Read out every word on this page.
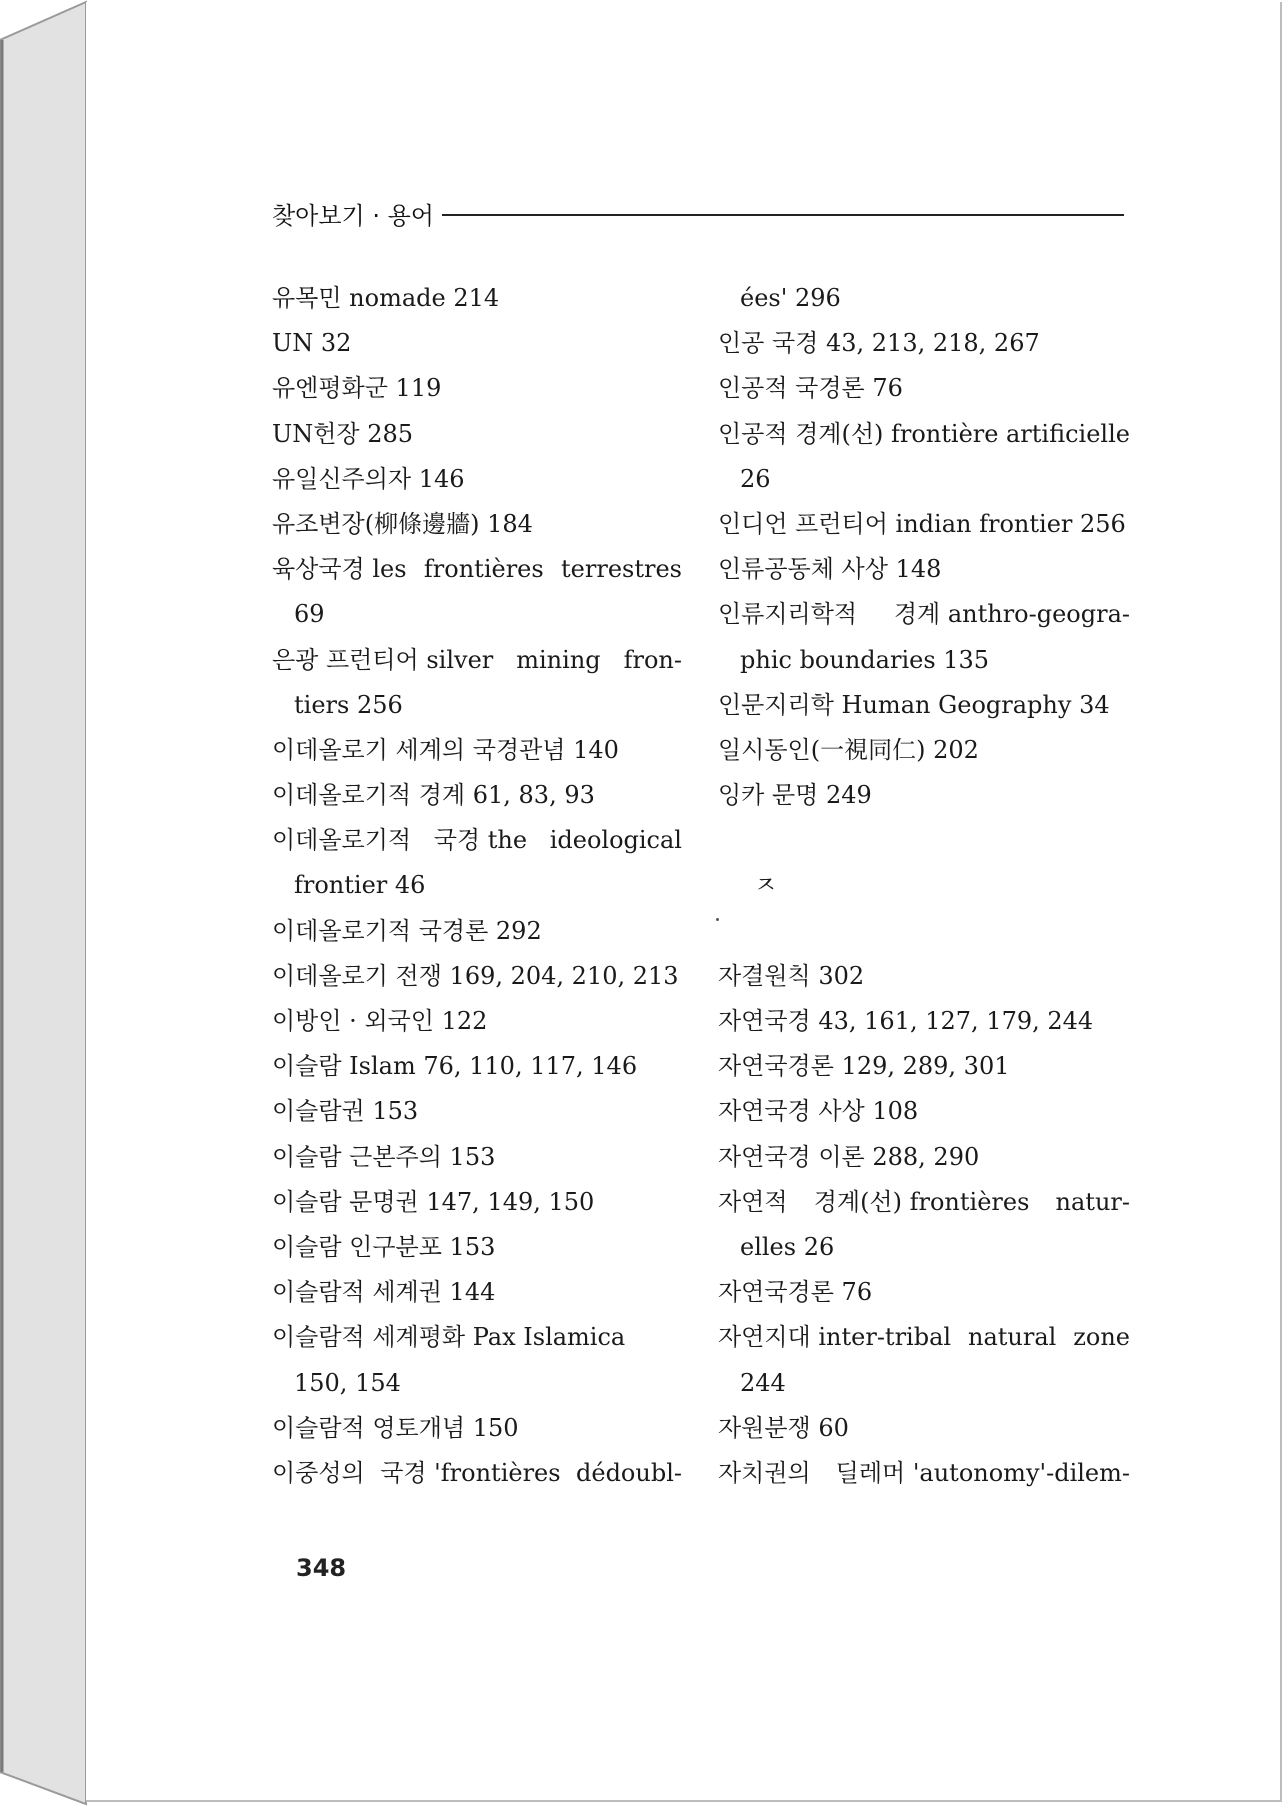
찾아보기 · 용어
유목민 nomade 214
UN 32
유엔평화군 119
UN헌장 285
유일신주의자 146
유조변장(柳條邊牆) 184
육상국경 les frontières terrestres
69
은광 프런티어 silver mining fron-
tiers 256
이데올로기 세계의 국경관념 140
이데올로기적 경계 61, 83, 93
이데올로기적 국경 the ideological
frontier 46
이데올로기적 국경론 292
이데올로기 전쟁 169, 204, 210, 213
이방인 · 외국인 122
이슬람 Islam 76, 110, 117, 146
이슬람권 153
이슬람 근본주의 153
이슬람 문명권 147, 149, 150
이슬람 인구분포 153
이슬람적 세계권 144
이슬람적 세계평화 Pax Islamica
150, 154
이슬람적 영토개념 150
이중성의 국경 'frontières dédoubl-
ées' 296
인공 국경 43, 213, 218, 267
인공적 국경론 76
인공적 경계(선) frontière artificielle
26
인디언 프런티어 indian frontier 256
인류공동체 사상 148
인류지리학적 경계 anthro-geogra-
phic boundaries 135
인문지리학 Human Geography 34
일시동인(一視同仁) 202
잉카 문명 249
ㅈ
자결원칙 302
자연국경 43, 161, 127, 179, 244
자연국경론 129, 289, 301
자연국경 사상 108
자연국경 이론 288, 290
자연적 경계(선) frontières natur-
elles 26
자연국경론 76
자연지대 inter-tribal natural zone
244
자원분쟁 60
자치권의 딜레머 'autonomy'-dilem-
348
